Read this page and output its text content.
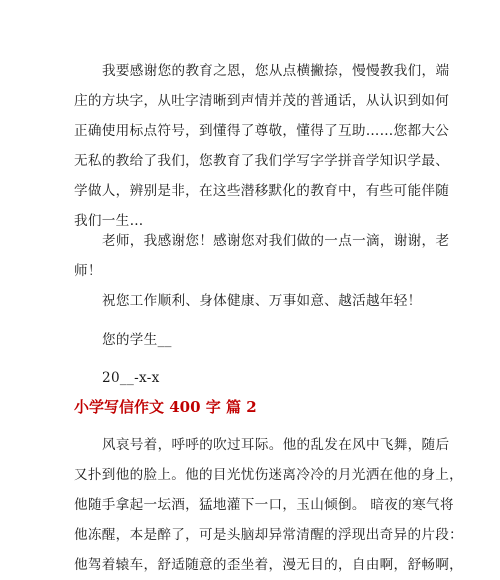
我要感谢您的教育之恩，您从点横撇捺，慢慢教我们，端
庄的方块字，从吐字清晰到声情并茂的普通话，从认识到如何
正确使用标点符号，到懂得了尊敬，懂得了互助……您都大公
无私的教给了我们，您教育了我们学写字学拼音学知识学最、
学做人，辨别是非，在这些潜移默化的教育中，有些可能伴随
我们一生…
老师，我感谢您！感谢您对我们做的一点一滴，谢谢，老
师！
祝您工作顺利、身体健康、万事如意、越活越年轻！
您的学生__
20__-x-x
小学写信作文 400 字 篇 2
风哀号着，呼呼的吹过耳际。他的乱发在风中飞舞，随后
又扑到他的脸上。他的目光忧伤迷离冷冷的月光洒在他的身上，
他随手拿起一坛酒，猛地灌下一口，玉山倾倒。 暗夜的寒气将
他冻醒，本是醉了，可是头脑却异常清醒的浮现出奇异的片段：
他驾着辕车，舒适随意的歪坐着，漫无目的，自由啊，舒畅啊，
